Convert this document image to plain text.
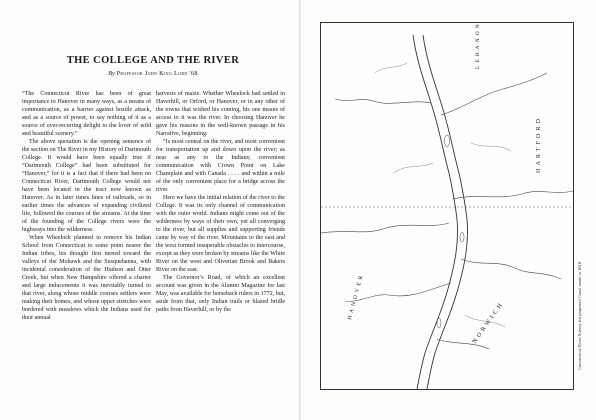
THE COLLEGE AND THE RIVER

By Professor John King Lord '68

“The Connecticut River has been of great importance to Hanover in many ways, as a means of communication, as a barrier against hostile attack, and as a source of power, to say nothing of it as a source of ever-recurring delight to the lover of wild and beautiful scenery.”

The above quotation is the opening sentence of the section on The River in my History of Dartmouth College. It would have been equally true if “Dartmouth College” had been substituted for “Hanover,” for it is a fact that if there had been no Connecticut River, Dartmouth College would not have been located in the tract now known as Hanover. As in later times lines of railroads, so in earlier times the advances of expanding civilized life, followed the courses of the streams. At the time of the founding of the College rivers were the highways into the wilderness.

When Wheelock planned to remove his Indian School from Connecticut to some point nearer the Indian tribes, his thought first turned toward the valleys of the Mohawk and the Susquehanna, with incidental consideration of the Hudson and Otter Creek, but when New Hampshire offered a charter and large inducements it was inevitably turned to that river, along whose middle courses settlers were making their homes, and whose upper stretches were bordered with meadows which the Indians used for their annual

harvests of maize. Whether Wheelock had settled in Haverhill, or Orford, or Hanover, or in any other of the towns that wished his coming, his one means of access to it was the river. In choosing Hanover he gave his reasons in the well-known passage in his Narrative, beginning:

“Is most central on the river, and most convenient for transportation up and down upon the river; as near as any to the Indians; convenient communication with Crown Point on Lake Champlain and with Canada . . . . and within a mile of the only convenient place for a bridge across the river.

Here we have the initial relation of the river to the College. It was its only channel of communication with the outer world. Indians might come out of the wilderness by ways of their own, yet all converging to the river, but all supplies and supporting friends came by way of the river. Mountains to the east and the west formed insuperable obstacles to intercourse, except as they were broken by streams like the White River on the west and Oliverian Brook and Bakers River on the east.

The Governor’s Road, of which an excellent account was given in the Alumni Magazine for last May, was available for horseback riders in 1772, but, aside from that, only Indian trails or blazed bridle paths from Haverhill, or by the

LEBANON
HARTFORD
HANOVER
NORWICH	Connecticut River Survey for proposed Canal made in 1818
